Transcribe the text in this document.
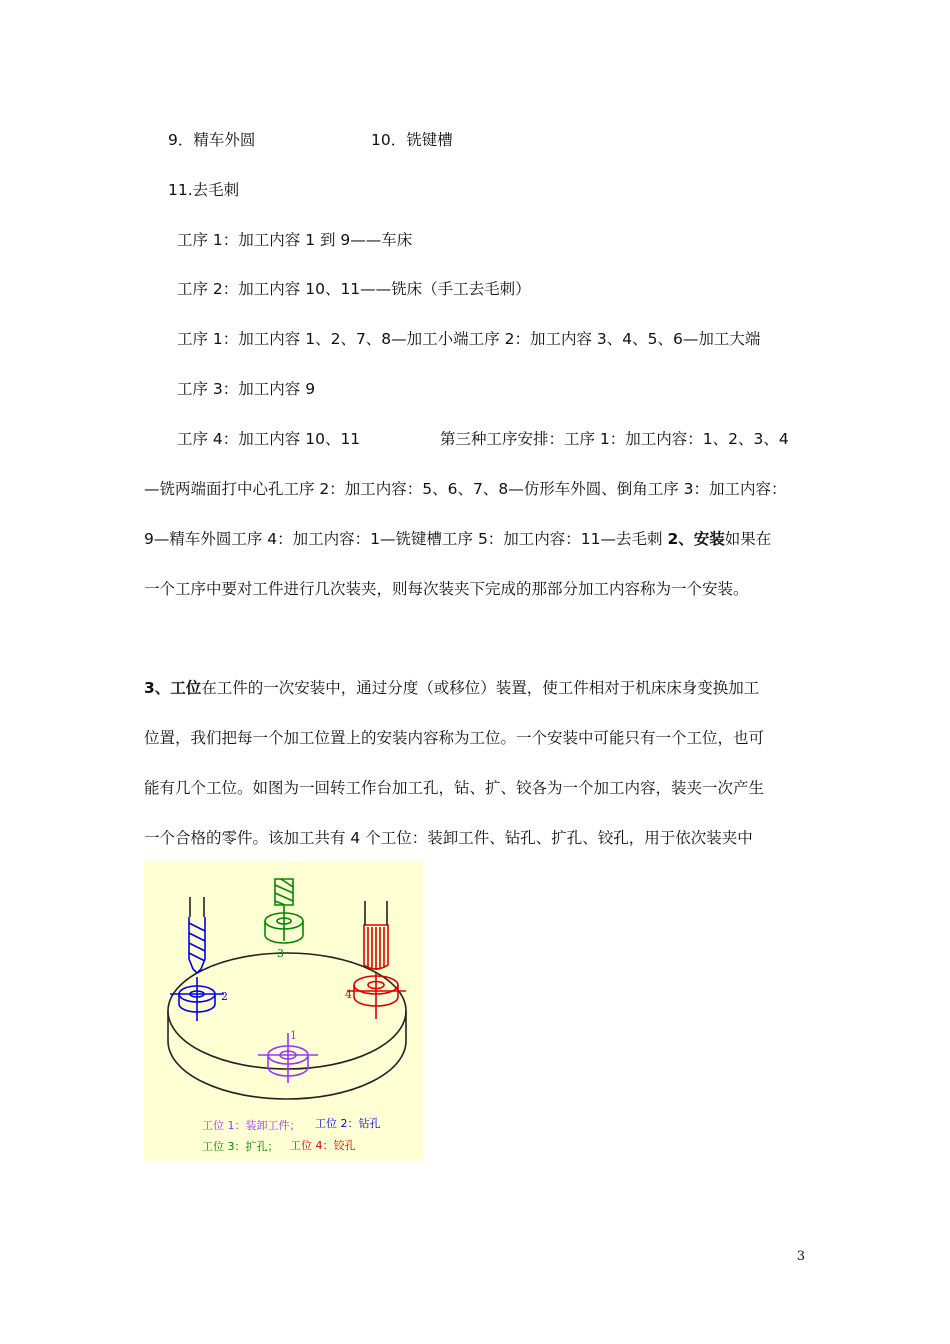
9．精车外圆	10．铣键槽
11.去毛刺
工序 1：加工内容 1 到 9——车床
工序 2：加工内容 10、11——铣床（手工去毛刺）
工序 1：加工内容 1、2、7、8—加工小端工序 2：加工内容 3、4、5、6—加工大端
工序 3：加工内容 9
工序 4：加工内容 10、11	第三种工序安排：工序 1：加工内容：1、2、3、4
—铣两端面打中心孔工序 2：加工内容：5、6、7、8—仿形车外圆、倒角工序 3：加工内容：
9—精车外圆工序 4：加工内容：1—铣键槽工序 5：加工内容：11—去毛刺 2、安装如果在
一个工序中要对工件进行几次装夹，则每次装夹下完成的那部分加工内容称为一个安装。
3、工位在工件的一次安装中，通过分度（或移位）装置，使工件相对于机床床身变换加工
位置，我们把每一个加工位置上的安装内容称为工位。一个安装中可能只有一个工位，也可
能有几个工位。如图为一回转工作台加工孔，钻、扩、铰各为一个加工内容，装夹一次产生
一个合格的零件。该加工共有 4 个工位：装卸工件、钻孔、扩孔、铰孔，用于依次装夹中
1
2
3
4
工位 1：装卸工件； 工位 2：钻孔
工位 3：扩孔； 工位 4：铰孔
3
